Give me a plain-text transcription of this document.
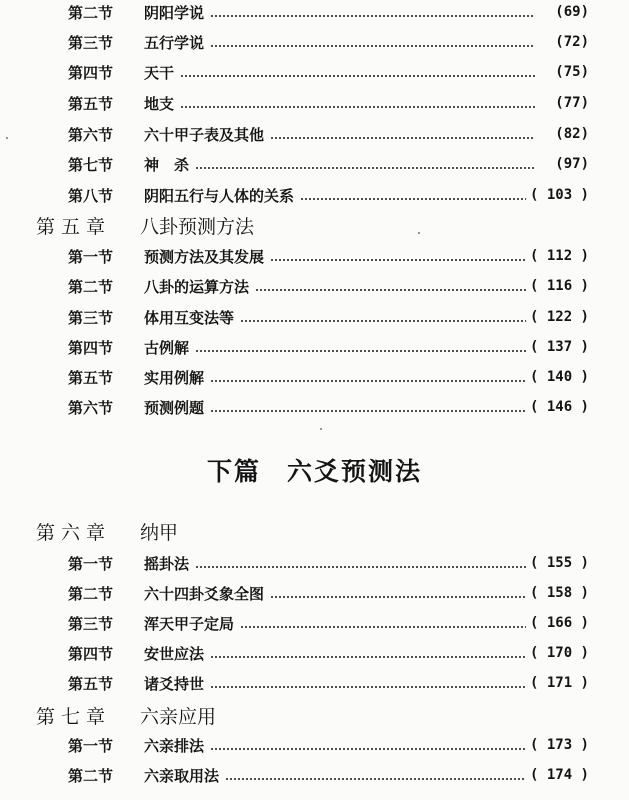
第二节	阴阳学说	(69)
第三节	五行学说	(72)
第四节	天干	(75)
第五节	地支	(77)
第六节	六十甲子表及其他	(82)
第七节	神　杀	(97)
第八节	阴阳五行与人体的关系	( 103 )
第五章 八卦预测方法
第一节	预测方法及其发展	( 112 )
第二节	八卦的运算方法	( 116 )
第三节	体用互变法等	( 122 )
第四节	古例解	( 137 )
第五节	实用例解	( 140 )
第六节	预测例题	( 146 )
下篇 六爻预测法
第六章 纳甲
第一节	摇卦法	( 155 )
第二节	六十四卦爻象全图	( 158 )
第三节	浑天甲子定局	( 166 )
第四节	安世应法	( 170 )
第五节	诸爻持世	( 171 )
第七章 六亲应用
第一节	六亲排法	( 173 )
第二节	六亲取用法	( 174 )
